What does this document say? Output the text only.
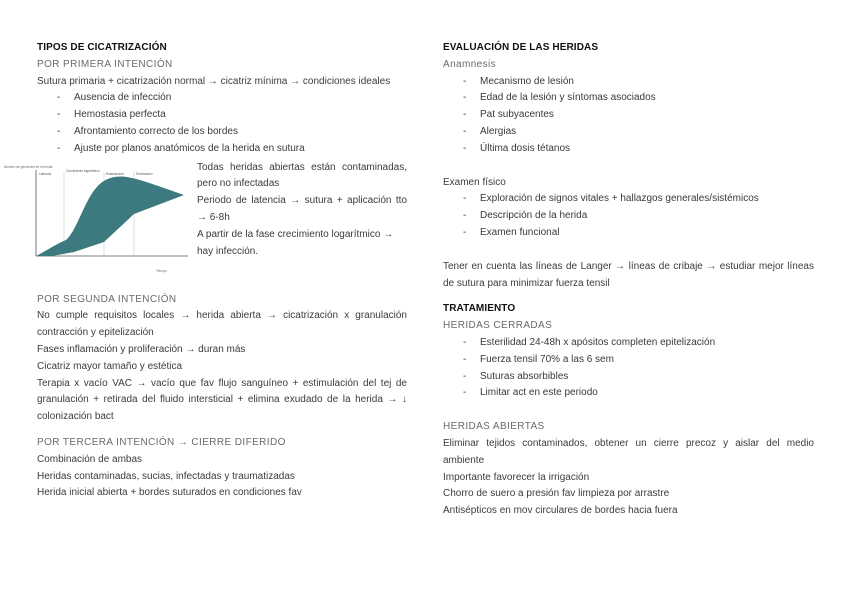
TIPOS DE CICATRIZACIÓN
POR PRIMERA INTENCIÓN
Sutura primaria + cicatrización normal → cicatriz mínima → condiciones ideales
- Ausencia de infección
- Hemostasia perfecta
- Afrontamiento correcto de los bordes
- Ajuste por planos anatómicos de la herida en sutura
Número de gérmenes en la herida
Latencia
Crecimiento logarítmico
Estacionaria	Declinación
Tiempo
Todas heridas abiertas están contaminadas, pero no infectadas
Periodo de latencia → sutura + aplicación tto → 6-8h
A partir de la fase crecimiento logarítmico → hay infección.
POR SEGUNDA INTENCIÓN
No cumple requisitos locales → herida abierta → cicatrización x granulación contracción y epitelización
Fases inflamación y proliferación → duran más
Cicatriz mayor tamaño y estética
Terapia x vacío VAC → vacío que fav flujo sanguíneo + estimulación del tej de granulación + retirada del fluido intersticial + elimina exudado de la herida → ↓ colonización bact
POR TERCERA INTENCIÓN → CIERRE DIFERIDO
Combinación de ambas
Heridas contaminadas, sucias, infectadas y traumatizadas
Herida inicial abierta + bordes suturados en condiciones fav
EVALUACIÓN DE LAS HERIDAS
Anamnesis
- Mecanismo de lesión
- Edad de la lesión y síntomas asociados
- Pat subyacentes
- Alergias
- Última dosis tétanos
Examen físico
- Exploración de signos vitales + hallazgos generales/sistémicos
- Descripción de la herida
- Examen funcional
Tener en cuenta las líneas de Langer → líneas de cribaje → estudiar mejor líneas de sutura para minimizar fuerza tensil
TRATAMIENTO
HERIDAS CERRADAS
- Esterilidad 24-48h x apósitos completen epitelización
- Fuerza tensil 70% a las 6 sem
- Suturas absorbibles
- Limitar act en este periodo
HERIDAS ABIERTAS
Eliminar tejidos contaminados, obtener un cierre precoz y aislar del medio ambiente
Importante favorecer la irrigación
Chorro de suero a presión fav limpieza por arrastre
Antisépticos en mov circulares de bordes hacia fuera
